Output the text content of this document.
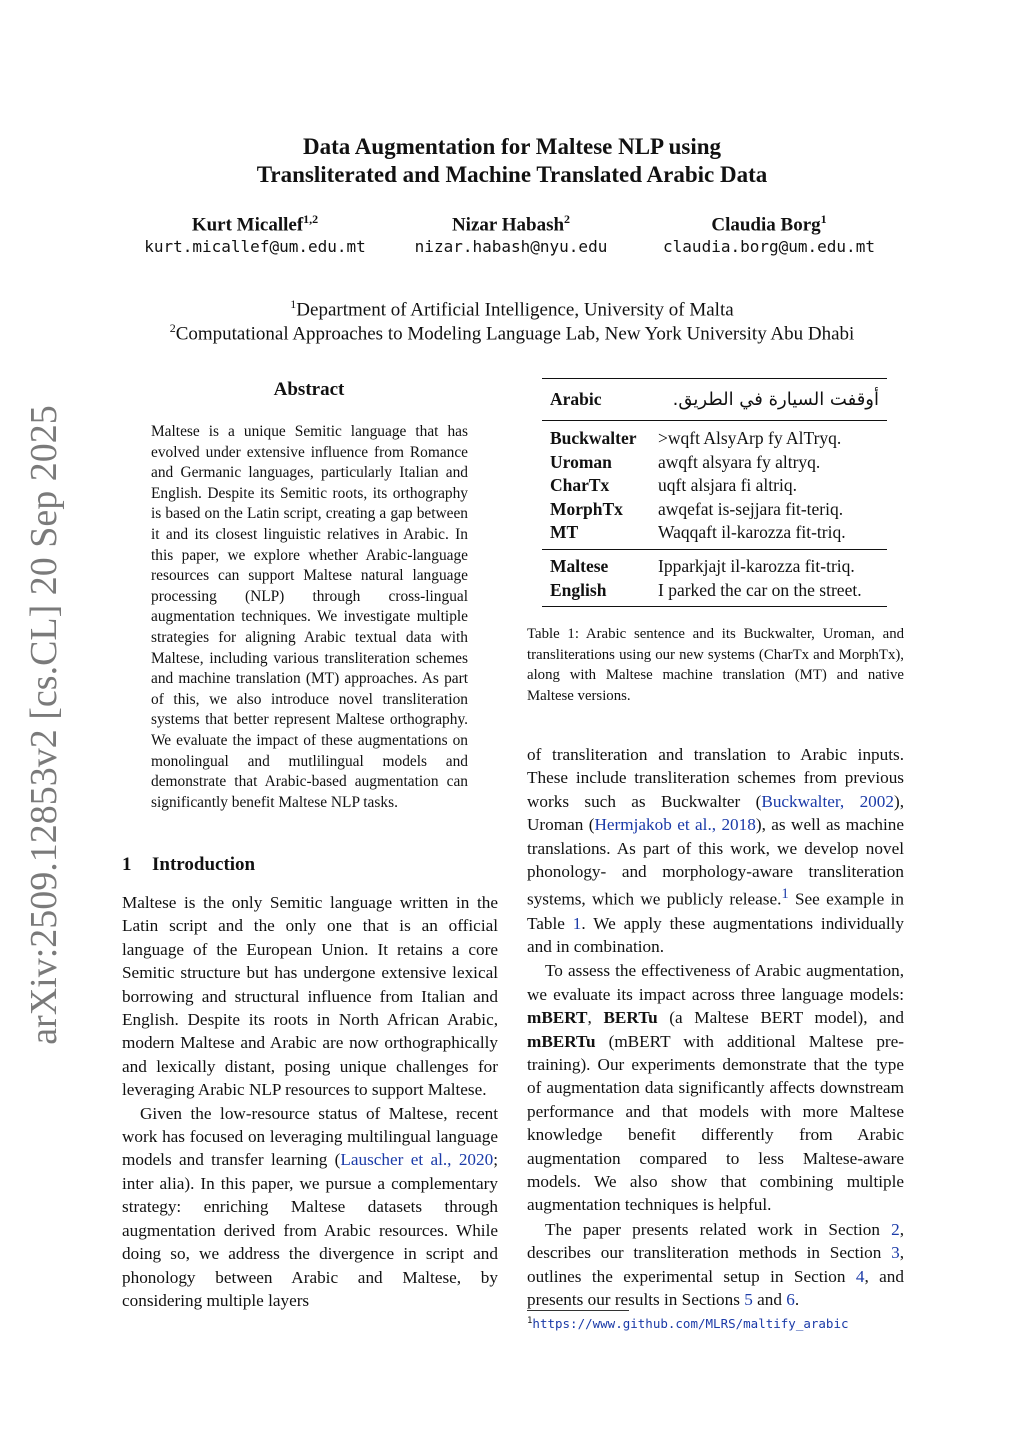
arXiv:2509.12853v2 [cs.CL] 20 Sep 2025
Data Augmentation for Maltese NLP using
Transliterated and Machine Translated Arabic Data
Kurt Micallef$^{1,2}$
kurt.micallef@um.edu.mt
Nizar Habash$^2$
nizar.habash@nyu.edu
Claudia Borg$^1$
claudia.borg@um.edu.mt
$^1$Department of Artificial Intelligence, University of Malta
$^2$Computational Approaches to Modeling Language Lab, New York University Abu Dhabi
Abstract
Maltese is a unique Semitic language that has evolved under extensive influence from Romance and Germanic languages, particularly Italian and English. Despite its Semitic roots, its orthography is based on the Latin script, creating a gap between it and its closest linguistic relatives in Arabic. In this paper, we explore whether Arabic-language resources can support Maltese natural language processing (NLP) through cross-lingual augmentation techniques. We investigate multiple strategies for aligning Arabic textual data with Maltese, including various transliteration schemes and machine translation (MT) approaches. As part of this, we also introduce novel transliteration systems that better represent Maltese orthography. We evaluate the impact of these augmentations on monolingual and mutlilingual models and demonstrate that Arabic-based augmentation can significantly benefit Maltese NLP tasks.
1 Introduction

Maltese is the only Semitic language written in the Latin script and the only one that is an official language of the European Union. It retains a core Semitic structure but has undergone extensive lexical borrowing and structural influence from Italian and English. Despite its roots in North African Arabic, modern Maltese and Arabic are now orthographically and lexically distant, posing unique challenges for leveraging Arabic NLP resources to support Maltese.

Given the low-resource status of Maltese, recent work has focused on leveraging multilingual language models and transfer learning (Lauscher et al., 2020; inter alia). In this paper, we pursue a complementary strategy: enriching Maltese datasets through augmentation derived from Arabic resources. While doing so, we address the divergence in script and phonology between Arabic and Maltese, by considering multiple layers

Arabic	أوقفت السيارة في الطريق.
Buckwalter	>wqft AlsyArp fy AlTryq.
Uroman	awqft alsyara fy altryq.
CharTx	uqft alsjara fi altriq.
MorphTx	awqefat is-sejjara fit-teriq.
MT	Waqqaft il-karozza fit-triq.
Maltese	Ipparkjajt il-karozza fit-triq.
English	I parked the car on the street.
Table 1: Arabic sentence and its Buckwalter, Uroman, and transliterations using our new systems (CharTx and MorphTx), along with Maltese machine translation (MT) and native Maltese versions.

of transliteration and translation to Arabic inputs. These include transliteration schemes from previous works such as Buckwalter (Buckwalter, 2002), Uroman (Hermjakob et al., 2018), as well as machine translations. As part of this work, we develop novel phonology- and morphology-aware transliteration systems, which we publicly release.$^1$ See example in Table 1. We apply these augmentations individually and in combination.

To assess the effectiveness of Arabic augmentation, we evaluate its impact across three language models: mBERT, BERTu (a Maltese BERT model), and mBERTu (mBERT with additional Maltese pre-training). Our experiments demonstrate that the type of augmentation data significantly affects downstream performance and that models with more Maltese knowledge benefit differently from Arabic augmentation compared to less Maltese-aware models. We also show that combining multiple augmentation techniques is helpful.

The paper presents related work in Section 2, describes our transliteration methods in Section 3, outlines the experimental setup in Section 4, and presents our results in Sections 5 and 6.

$^1$https://www.github.com/MLRS/maltify_arabic
